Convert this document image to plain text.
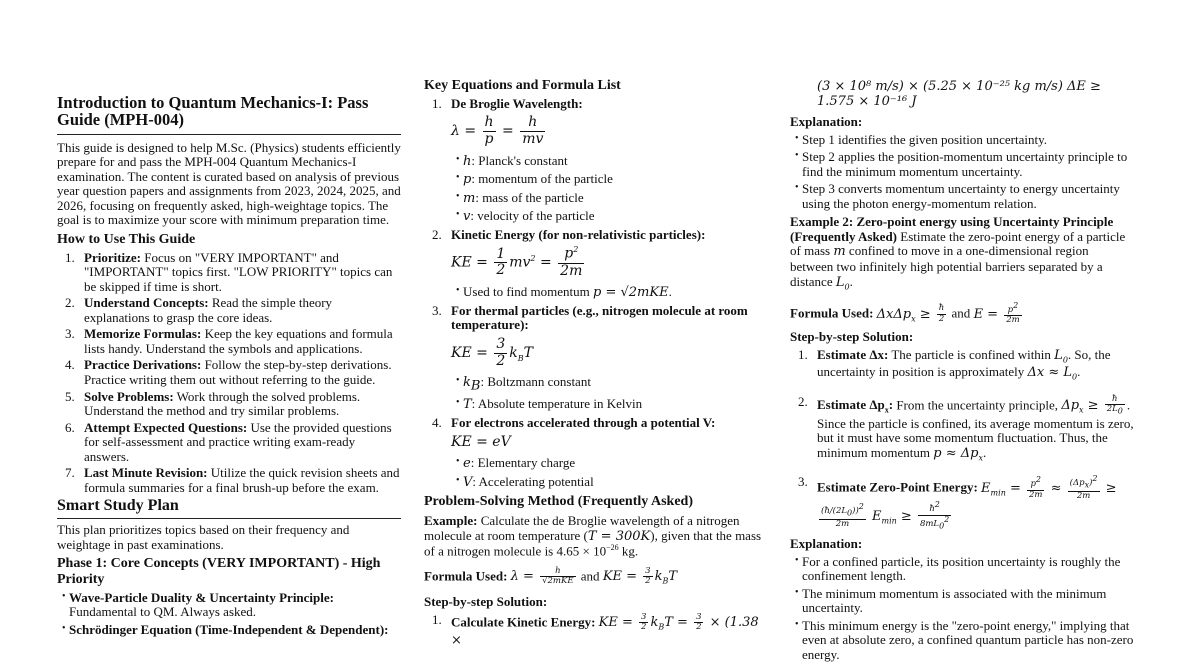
Introduction to Quantum Mechanics-I: Pass Guide (MPH-004)

This guide is designed to help M.Sc. (Physics) students efficiently prepare for and pass the MPH-004 Quantum Mechanics-I examination. The content is curated based on analysis of previous year question papers and assignments from 2023, 2024, 2025, and 2026, focusing on frequently asked, high-weightage topics. The goal is to maximize your score with minimum preparation time.

How to Use This Guide
1. Prioritize: Focus on "VERY IMPORTANT" and "IMPORTANT" topics first. "LOW PRIORITY" topics can be skipped if time is short.
2. Understand Concepts: Read the simple theory explanations to grasp the core ideas.
3. Memorize Formulas: Keep the key equations and formula lists handy. Understand the symbols and applications.
4. Practice Derivations: Follow the step-by-step derivations. Practice writing them out without referring to the guide.
5. Solve Problems: Work through the solved problems. Understand the method and try similar problems.
6. Attempt Expected Questions: Use the provided questions for self-assessment and practice writing exam-ready answers.
7. Last Minute Revision: Utilize the quick revision sheets and formula summaries for a final brush-up before the exam.
Smart Study Plan

This plan prioritizes topics based on their frequency and weightage in past examinations.

Phase 1: Core Concepts (VERY IMPORTANT) - High Priority
• Wave-Particle Duality & Uncertainty Principle: Fundamental to QM. Always asked.
• Schrödinger Equation (Time-Independent & Dependent):
Key Equations and Formula List
1. De Broglie Wavelength:
$\lambda = \frac{h}{p} = \frac{h}{mv}$
• h: Planck's constant
• p: momentum of the particle
• m: mass of the particle
• v: velocity of the particle
2. Kinetic Energy (for non-relativistic particles):
KE = $\frac{1}{2} mv^2 = \frac{p^2}{2m}$
• Used to find momentum p = √2mKE.
3. For thermal particles (e.g., nitrogen molecule at room temperature):
KE = $\frac{3}{2} k_BT$
• $k_B$: Boltzmann constant
• T: Absolute temperature in Kelvin
4. For electrons accelerated through a potential V:
KE = eV
• e: Elementary charge
• V: Accelerating potential
Problem-Solving Method (Frequently Asked)

Example: Calculate the de Broglie wavelength of a nitrogen molecule at room temperature (T = 300K), given that the mass of a nitrogen molecule is $4.65 \times 10^{-26}$ kg.

Formula Used: $\lambda = \frac{h}{\text{√2mKE}}$ and KE = $\frac{3}{2} k_BT$

Step-by-step Solution:

1. Calculate Kinetic Energy: KE = $\frac{3}{2} k_BT = \frac{3}{2} \times (1.38$ ×

(3 × 10⁸ m/s) × (5.25 × 10⁻²⁵ kg m/s) ΔE ≥ 1.575 × 10⁻¹⁶ J

Explanation:

• Step 1 identifies the given position uncertainty.
• Step 2 applies the position-momentum uncertainty principle to find the minimum momentum uncertainty.
• Step 3 converts momentum uncertainty to energy uncertainty using the photon energy-momentum relation.

Example 2: Zero-point energy using Uncertainty Principle (Frequently Asked) Estimate the zero-point energy of a particle of mass m confined to move in a one-dimensional region between two infinitely high potential barriers separated by a distance $L_0$.

Formula Used: $\Delta x\Delta p_x \ge \frac{ħ}{2}$ and $E = \frac{p^2}{2m}$

Step-by-step Solution:

1. Estimate Δx: The particle is confined within $L_0$. So, the uncertainty in position is approximately $\Delta x \approx L_0$.
2. Estimate $\Delta p_x$: From the uncertainty principle, $\Delta p_x \ge \frac{ħ}{2L_0}$ . Since the particle is confined, its average momentum is zero, but it must have some momentum fluctuation. Thus, the minimum momentum $p \approx \Delta p_x$.
3. Estimate Zero-Point Energy: $E_{min} = \frac{p^2}{2m} \approx \frac{(\Delta p_x)^2}{2m}$ ≥
$\frac{(ħ/(2L_0))^2}{2m} E_{min} \ge \frac{ħ^2}{8mL_0^2}$

Explanation:

• For a confined particle, its position uncertainty is roughly the confinement length.
• The minimum momentum is associated with the minimum uncertainty.
• This minimum energy is the "zero-point energy," implying that even at absolute zero, a confined quantum particle has non-zero energy.
